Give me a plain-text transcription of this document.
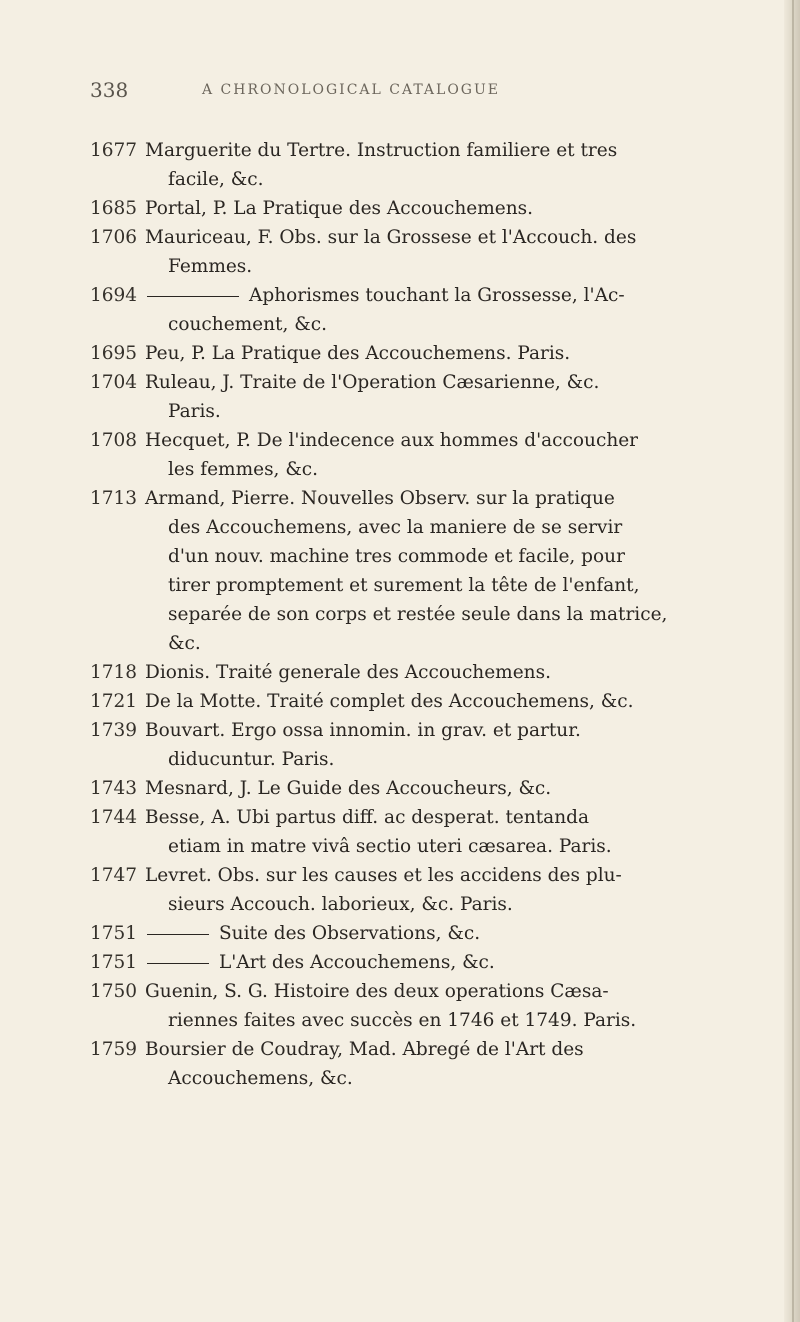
338	A CHRONOLOGICAL CATALOGUE
1677 Marguerite du Tertre. Instruction familiere et tres
facile, &c.
1685 Portal, P. La Pratique des Accouchemens.
1706 Mauriceau, F. Obs. sur la Grossese et l'Accouch. des
Femmes.
1694	Aphorismes touchant la Grossesse, l'Ac-
couchement, &c.
1695 Peu, P. La Pratique des Accouchemens. Paris.
1704 Ruleau, J. Traite de l'Operation Cæsarienne, &c.
Paris.
1708 Hecquet, P. De l'indecence aux hommes d'accoucher
les femmes, &c.
1713 Armand, Pierre. Nouvelles Observ. sur la pratique
des Accouchemens, avec la maniere de se servir
d'un nouv. machine tres commode et facile, pour
tirer promptement et surement la tête de l'enfant,
separée de son corps et restée seule dans la matrice,
&c.
1718 Dionis. Traité generale des Accouchemens.
1721 De la Motte. Traité complet des Accouchemens, &c.
1739 Bouvart. Ergo ossa innomin. in grav. et partur.
diducuntur. Paris.
1743 Mesnard, J. Le Guide des Accoucheurs, &c.
1744 Besse, A. Ubi partus diff. ac desperat. tentanda
etiam in matre vivâ sectio uteri cæsarea. Paris.
1747 Levret. Obs. sur les causes et les accidens des plu-
sieurs Accouch. laborieux, &c. Paris.
1751	Suite des Observations, &c.
1751	L'Art des Accouchemens, &c.
1750 Guenin, S. G. Histoire des deux operations Cæsa-
riennes faites avec succès en 1746 et 1749. Paris.
1759 Boursier de Coudray, Mad. Abregé de l'Art des
Accouchemens, &c.
